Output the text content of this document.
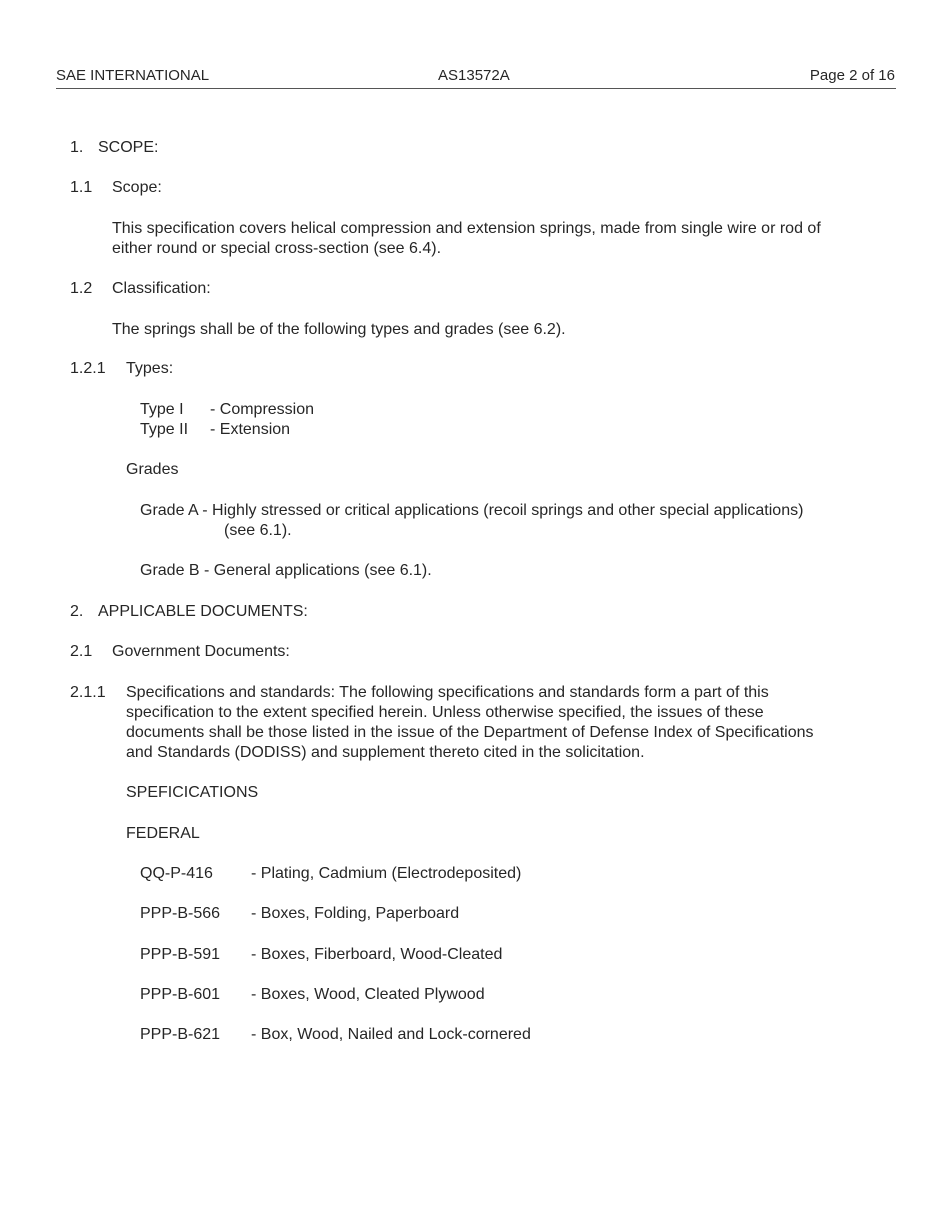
SAE INTERNATIONAL	AS13572A	Page 2 of 16
1. SCOPE:
1.1 Scope:
This specification covers helical compression and extension springs, made from single wire or rod of
either round or special cross-section (see 6.4).
1.2 Classification:
The springs shall be of the following types and grades (see 6.2).
1.2.1 Types:
Type I - Compression
Type II - Extension
Grades
Grade A - Highly stressed or critical applications (recoil springs and other special applications)
(see 6.1).
Grade B - General applications (see 6.1).
2. APPLICABLE DOCUMENTS:
2.1 Government Documents:
2.1.1 Specifications and standards: The following specifications and standards form a part of this
specification to the extent specified herein. Unless otherwise specified, the issues of these
documents shall be those listed in the issue of the Department of Defense Index of Specifications
and Standards (DODISS) and supplement thereto cited in the solicitation.
SPEFICICATIONS
FEDERAL
QQ-P-416 - Plating, Cadmium (Electrodeposited)
PPP-B-566 - Boxes, Folding, Paperboard
PPP-B-591 - Boxes, Fiberboard, Wood-Cleated
PPP-B-601 - Boxes, Wood, Cleated Plywood
PPP-B-621 - Box, Wood, Nailed and Lock-cornered
